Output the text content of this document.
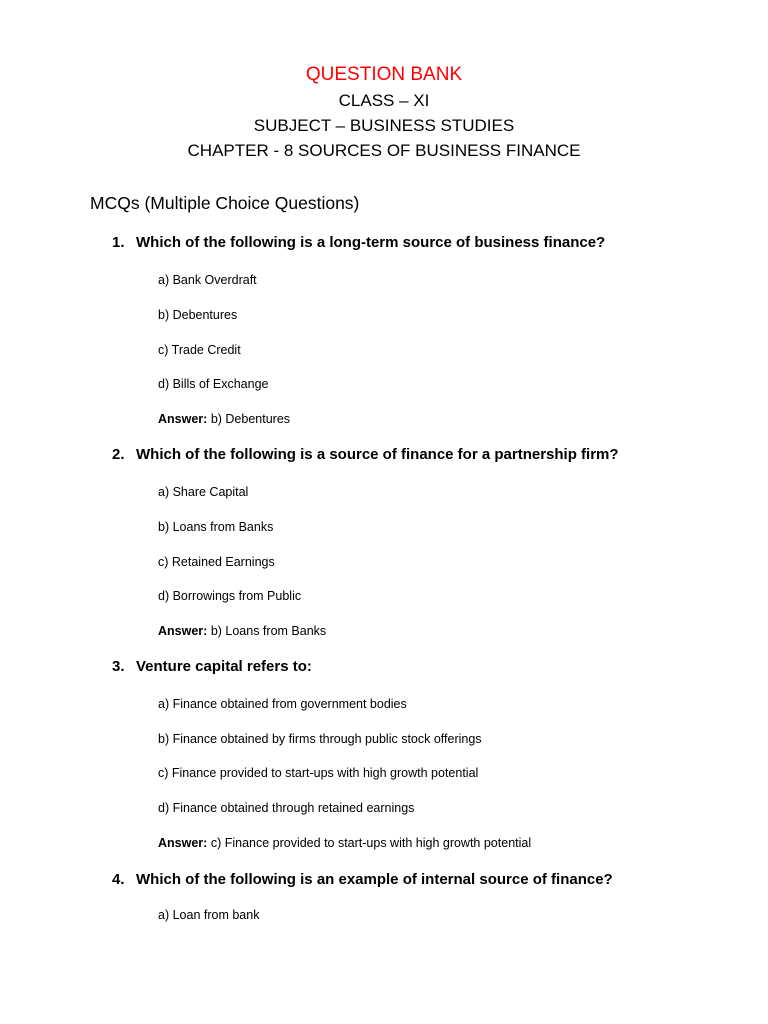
QUESTION BANK

CLASS – XI

SUBJECT – BUSINESS STUDIES

CHAPTER - 8 SOURCES OF BUSINESS FINANCE

MCQs (Multiple Choice Questions)

1. Which of the following is a long-term source of business finance?

a) Bank Overdraft

b) Debentures

c) Trade Credit

d) Bills of Exchange

Answer: b) Debentures

2. Which of the following is a source of finance for a partnership firm?

a) Share Capital

b) Loans from Banks

c) Retained Earnings

d) Borrowings from Public

Answer: b) Loans from Banks

3. Venture capital refers to:

a) Finance obtained from government bodies

b) Finance obtained by firms through public stock offerings

c) Finance provided to start-ups with high growth potential

d) Finance obtained through retained earnings

Answer: c) Finance provided to start-ups with high growth potential

4. Which of the following is an example of internal source of finance?

a) Loan from bank
